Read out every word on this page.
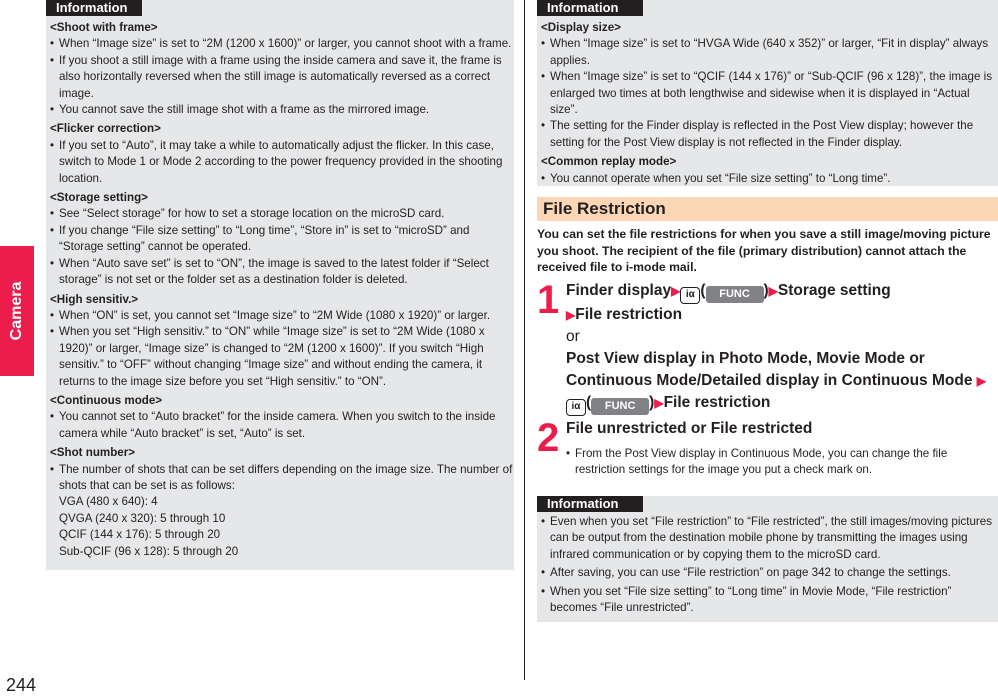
Camera
244
Information
<Shoot with frame>
• When “Image size” is set to “2M (1200 x 1600)” or larger, you cannot shoot with a frame.
• If you shoot a still image with a frame using the inside camera and save it, the frame is also horizontally reversed when the still image is automatically reversed as a correct image.
• You cannot save the still image shot with a frame as the mirrored image.
<Flicker correction>
• If you set to “Auto”, it may take a while to automatically adjust the flicker. In this case, switch to Mode 1 or Mode 2 according to the power frequency provided in the shooting location.
<Storage setting>
• See “Select storage” for how to set a storage location on the microSD card.
• If you change “File size setting” to “Long time”, “Store in” is set to “microSD” and “Storage setting” cannot be operated.
• When “Auto save set” is set to “ON”, the image is saved to the latest folder if “Select storage” is not set or the folder set as a destination folder is deleted.
<High sensitiv.>
• When “ON” is set, you cannot set “Image size” to “2M Wide (1080 x 1920)” or larger.
• When you set “High sensitiv.” to “ON” while “Image size” is set to “2M Wide (1080 x 1920)” or larger, “Image size” is changed to “2M (1200 x 1600)”. If you switch “High sensitiv.” to “OFF” without changing “Image size” and without ending the camera, it returns to the image size before you set “High sensitiv.” to “ON”.
<Continuous mode>
• You cannot set to “Auto bracket” for the inside camera. When you switch to the inside camera while “Auto bracket” is set, “Auto” is set.
<Shot number>
• The number of shots that can be set differs depending on the image size. The number of shots that can be set is as follows:
VGA (480 x 640): 4
QVGA (240 x 320): 5 through 10
QCIF (144 x 176): 5 through 20
Sub-QCIF (96 x 128): 5 through 20
Information
<Display size>
• When “Image size” is set to “HVGA Wide (640 x 352)” or larger, “Fit in display” always applies.
• When “Image size” is set to “QCIF (144 x 176)” or “Sub-QCIF (96 x 128)”, the image is enlarged two times at both lengthwise and sidewise when it is displayed in “Actual size”.
• The setting for the Finder display is reflected in the Post View display; however the setting for the Post View display is not reflected in the Finder display.
<Common replay mode>
• You cannot operate when you set “File size setting” to “Long time”.
File Restriction
You can set the file restrictions for when you save a still image/moving picture you shoot. The recipient of the file (primary distribution) cannot attach the received file to i-mode mail.
1 Finder display▶ iα ( FUNC )▶Storage setting
▶File restriction
or
Post View display in Photo Mode, Movie Mode or Continuous Mode/Detailed display in Continuous Mode ▶iα ( FUNC )▶File restriction
2 File unrestricted or File restricted
• From the Post View display in Continuous Mode, you can change the file restriction settings for the image you put a check mark on.
Information
• Even when you set “File restriction” to “File restricted”, the still images/moving pictures can be output from the destination mobile phone by transmitting the images using infrared communication or by copying them to the microSD card.
• After saving, you can use “File restriction” on page 342 to change the settings.
• When you set “File size setting” to “Long time” in Movie Mode, “File restriction” becomes “File unrestricted”.
